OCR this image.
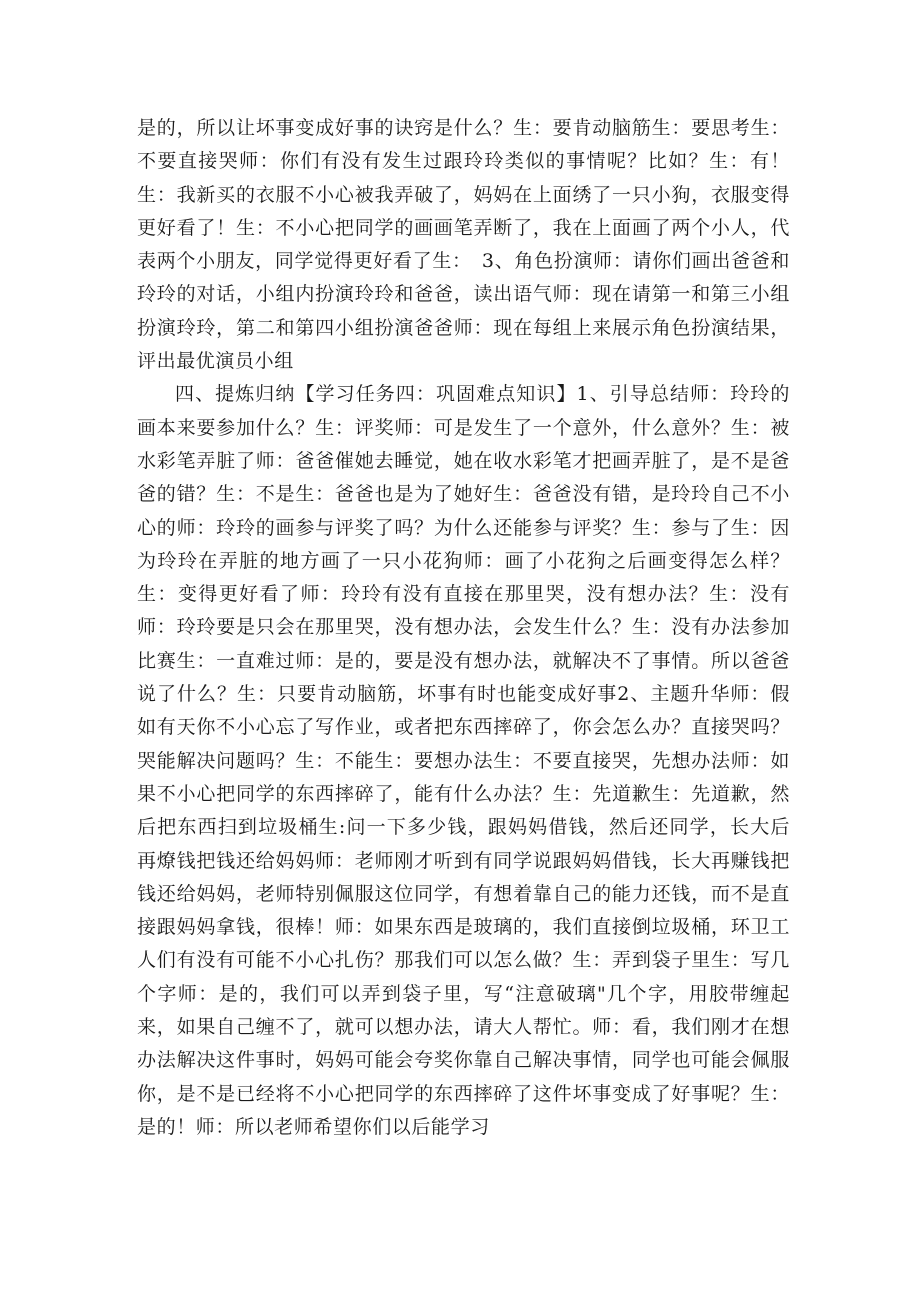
是的，所以让坏事变成好事的诀窍是什么？生：要肯动脑筋生：要思考生：不要直接哭师：你们有没有发生过跟玲玲类似的事情呢？比如？生：有！生：我新买的衣服不小心被我弄破了，妈妈在上面绣了一只小狗，衣服变得更好看了！生：不小心把同学的画画笔弄断了，我在上面画了两个小人，代表两个小朋友，同学觉得更好看了生：　3、角色扮演师：请你们画出爸爸和玲玲的对话，小组内扮演玲玲和爸爸，读出语气师：现在请第一和第三小组扮演玲玲，第二和第四小组扮演爸爸师：现在每组上来展示角色扮演结果，评出最优演员小组

四、提炼归纳【学习任务四：巩固难点知识】1、引导总结师：玲玲的画本来要参加什么？生：评奖师：可是发生了一个意外，什么意外？生：被水彩笔弄脏了师：爸爸催她去睡觉，她在收水彩笔才把画弄脏了，是不是爸爸的错？生：不是生：爸爸也是为了她好生：爸爸没有错，是玲玲自己不小心的师：玲玲的画参与评奖了吗？为什么还能参与评奖？生：参与了生：因为玲玲在弄脏的地方画了一只小花狗师：画了小花狗之后画变得怎么样？生：变得更好看了师：玲玲有没有直接在那里哭，没有想办法？生：没有师：玲玲要是只会在那里哭，没有想办法，会发生什么？生：没有办法参加比赛生：一直难过师：是的，要是没有想办法，就解决不了事情。所以爸爸说了什么？生：只要肯动脑筋，坏事有时也能变成好事2、主题升华师：假如有天你不小心忘了写作业，或者把东西摔碎了，你会怎么办？直接哭吗？哭能解决问题吗？生：不能生：要想办法生：不要直接哭，先想办法师：如果不小心把同学的东西摔碎了，能有什么办法？生：先道歉生：先道歉，然后把东西扫到垃圾桶生:问一下多少钱，跟妈妈借钱，然后还同学，长大后再燎钱把钱还给妈妈师：老师刚才听到有同学说跟妈妈借钱，长大再赚钱把钱还给妈妈，老师特别佩服这位同学，有想着靠自己的能力还钱，而不是直接跟妈妈拿钱，很棒！师：如果东西是玻璃的，我们直接倒垃圾桶，环卫工人们有没有可能不小心扎伤？那我们可以怎么做？生：弄到袋子里生：写几个字师：是的，我们可以弄到袋子里，写“注意破璃"几个字，用胶带缠起来，如果自己缠不了，就可以想办法，请大人帮忙。师：看，我们刚才在想办法解决这件事时，妈妈可能会夸奖你靠自己解决事情，同学也可能会佩服你，是不是已经将不小心把同学的东西摔碎了这件坏事变成了好事呢？生：是的！师：所以老师希望你们以后能学习
